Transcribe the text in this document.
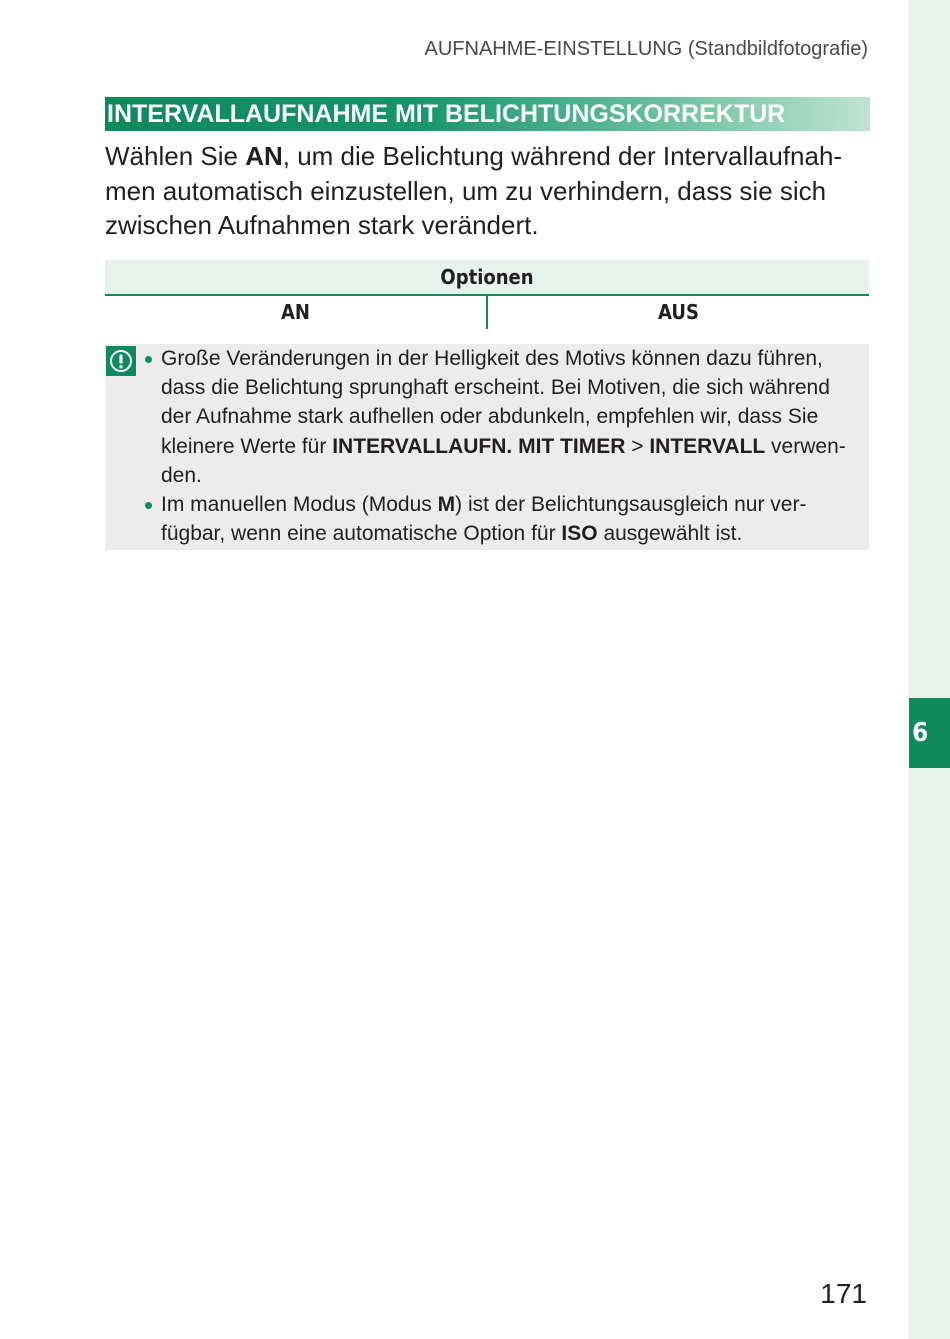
6
AUFNAHME-EINSTELLUNG (Standbildfotografie)
INTERVALLAUFNAHME MIT BELICHTUNGSKORREKTUR
Wählen Sie AN, um die Belichtung während der Intervallaufnah-
men automatisch einzustellen, um zu verhindern, dass sie sich
zwischen Aufnahmen stark verändert.
Optionen
AN	AUS
Große Veränderungen in der Helligkeit des Motivs können dazu führen,
dass die Belichtung sprunghaft erscheint. Bei Motiven, die sich während
der Aufnahme stark aufhellen oder abdunkeln, empfehlen wir, dass Sie
kleinere Werte für INTERVALLAUFN. MIT TIMER > INTERVALL verwen-
den.
Im manuellen Modus (Modus M) ist der Belichtungsausgleich nur ver-
fügbar, wenn eine automatische Option für ISO ausgewählt ist.
171
